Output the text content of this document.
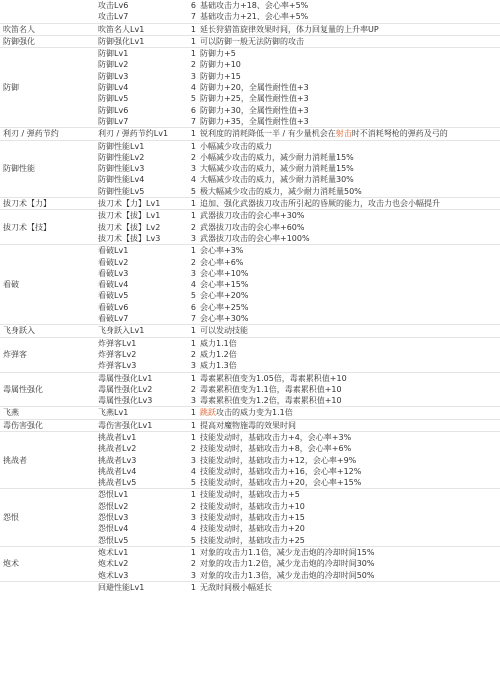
	攻击Lv6	6	基础攻击力+18、会心率+5%
	攻击Lv7	7	基础攻击力+21、会心率+5%
吹笛名人	吹笛名人Lv1	1	延长狩猎笛旋律效果时间，体力回复量的上升率UP
防御强化	防御强化Lv1	1	可以防御一般无法防御的攻击
	防御Lv1	1	防御力+5
	防御Lv2	2	防御力+10
	防御Lv3	3	防御力+15
防御	防御Lv4	4	防御力+20，全属性耐性值+3
	防御Lv5	5	防御力+25，全属性耐性值+3
	防御Lv6	6	防御力+30，全属性耐性值+3
	防御Lv7	7	防御力+35，全属性耐性值+3
利刃 / 弹药节约	利刃 / 弹药节约Lv1	1	锐利度的消耗降低一半 / 有少量机会在射击时不消耗弩枪的弹药及弓的
	防御性能Lv1	1	小幅减少攻击的威力
	防御性能Lv2	2	小幅减少攻击的威力，减少耐力消耗量15%
防御性能	防御性能Lv3	3	大幅减少攻击的威力，减少耐力消耗量15%
	防御性能Lv4	4	大幅减少攻击的威力，减少耐力消耗量30%
	防御性能Lv5	5	极大幅减少攻击的威力，减少耐力消耗量50%
拔刀术【力】	拔刀术【力】Lv1	1	追加、强化武器拔刀攻击所引起的昏厥的能力，攻击力也会小幅提升
	拔刀术【拔】Lv1	1	武器拔刀攻击的会心率+30%
拔刀术【技】	拔刀术【拔】Lv2	2	武器拔刀攻击的会心率+60%
	拔刀术【拔】Lv3	3	武器拔刀攻击的会心率+100%
	看破Lv1	1	会心率+3%
	看破Lv2	2	会心率+6%
	看破Lv3	3	会心率+10%
看破	看破Lv4	4	会心率+15%
	看破Lv5	5	会心率+20%
	看破Lv6	6	会心率+25%
	看破Lv7	7	会心率+30%
飞身跃入	飞身跃入Lv1	1	可以发动技能
	炸弹客Lv1	1	威力1.1倍
炸弹客	炸弹客Lv2	2	威力1.2倍
	炸弹客Lv3	3	威力1.3倍
	毒属性强化Lv1	1	毒素累积值变为1.05倍，毒素累积值+10
毒属性强化	毒属性强化Lv2	2	毒素累积值变为1.1倍，毒素累积值+10
	毒属性强化Lv3	3	毒素累积值变为1.2倍，毒素累积值+10
飞燕	飞燕Lv1	1	跳跃攻击的威力变为1.1倍
毒伤害强化	毒伤害强化Lv1	1	提高对魔物施毒的效果时间
	挑战者Lv1	1	技能发动时，基础攻击力+4，会心率+3%
	挑战者Lv2	2	技能发动时，基础攻击力+8，会心率+6%
挑战者	挑战者Lv3	3	技能发动时，基础攻击力+12，会心率+9%
	挑战者Lv4	4	技能发动时，基础攻击力+16，会心率+12%
	挑战者Lv5	5	技能发动时，基础攻击力+20，会心率+15%
	怨恨Lv1	1	技能发动时，基础攻击力+5
	怨恨Lv2	2	技能发动时，基础攻击力+10
怨恨	怨恨Lv3	3	技能发动时，基础攻击力+15
	怨恨Lv4	4	技能发动时，基础攻击力+20
	怨恨Lv5	5	技能发动时，基础攻击力+25
	炮术Lv1	1	对象的攻击力1.1倍，减少龙击炮的冷却时间15%
炮术	炮术Lv2	2	对象的攻击力1.2倍，减少龙击炮的冷却时间30%
	炮术Lv3	3	对象的攻击力1.3倍，减少龙击炮的冷却时间50%
	回避性能Lv1	1	无敌时间极小幅延长
